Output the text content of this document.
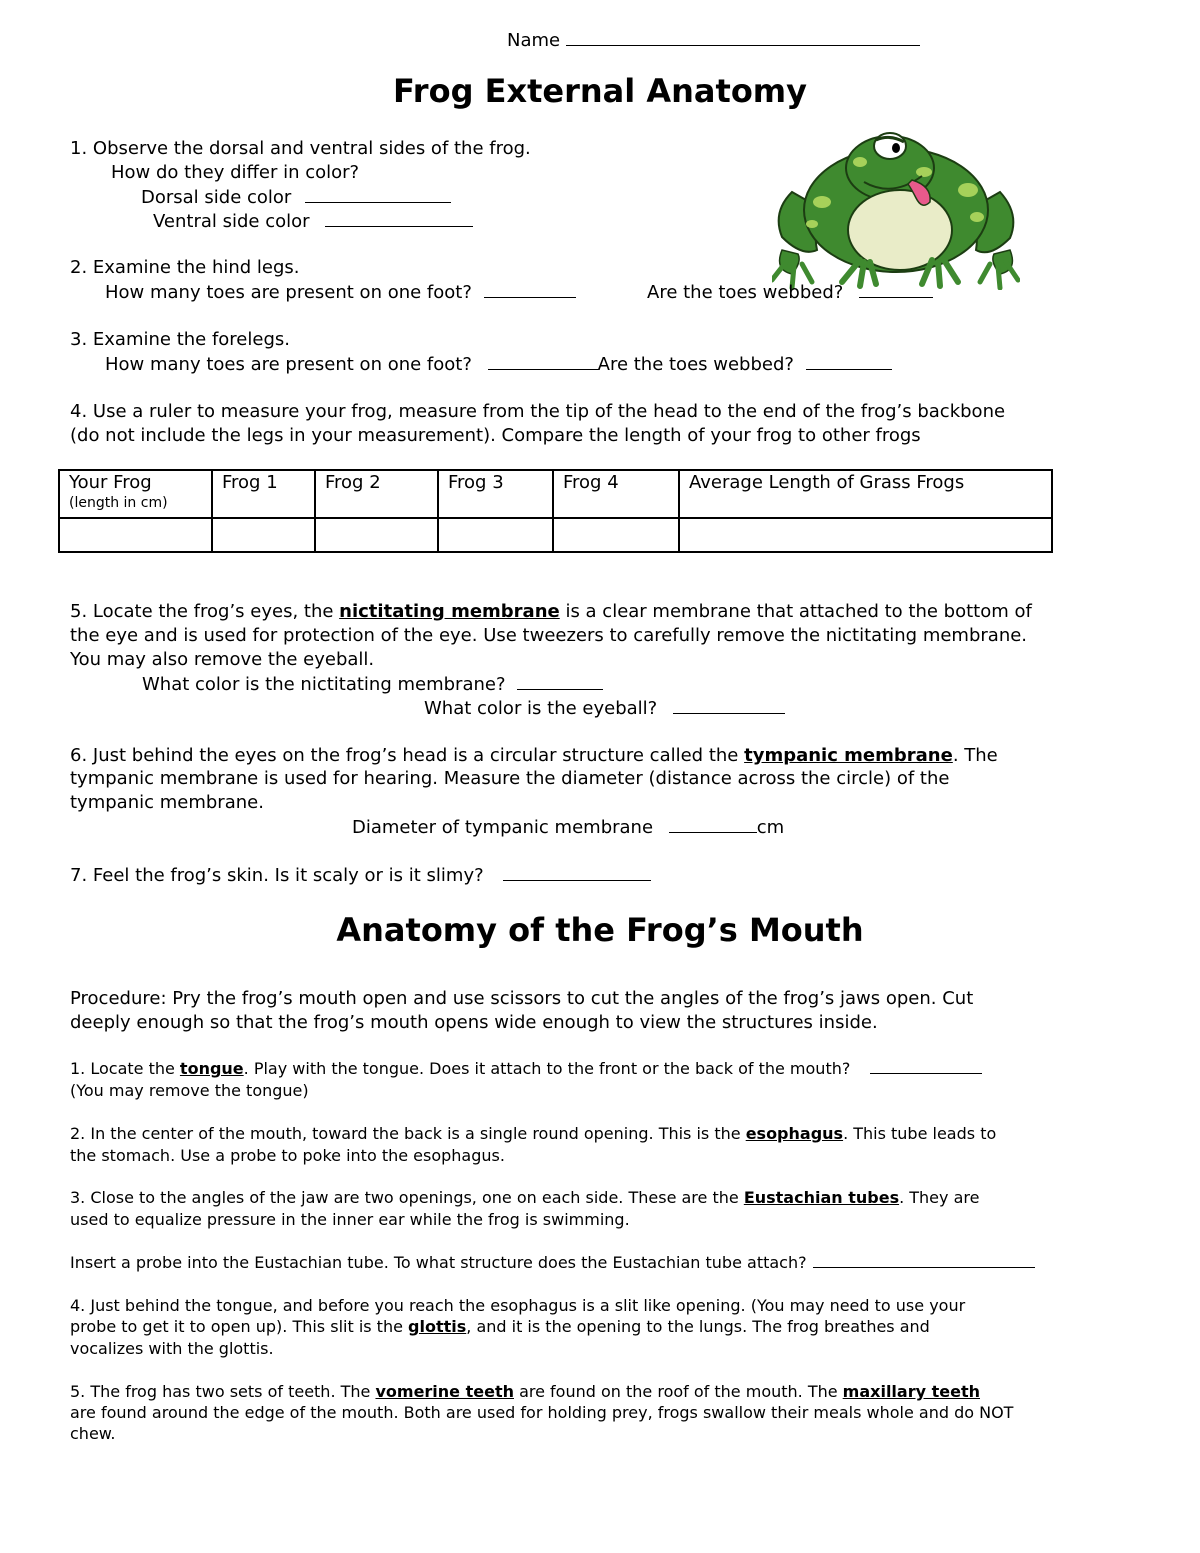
Name
Frog External Anatomy
1. Observe the dorsal and ventral sides of the frog.
How do they differ in color?
Dorsal side color
Ventral side color
2. Examine the hind legs.
How many toes are present on one foot?	Are the toes webbed?
3. Examine the forelegs.
How many toes are present on one foot?	Are the toes webbed?
4. Use a ruler to measure your frog, measure from the tip of the head to the end of the frog’s backbone
(do not include the legs in your measurement). Compare the length of your frog to other frogs
Your Frog
(length in cm)	Frog 1	Frog 2	Frog 3	Frog 4	Average Length of Grass Frogs

5. Locate the frog’s eyes, the nictitating membrane is a clear membrane that attached to the bottom of
the eye and is used for protection of the eye. Use tweezers to carefully remove the nictitating membrane.
You may also remove the eyeball.
What color is the nictitating membrane?
What color is the eyeball?
6. Just behind the eyes on the frog’s head is a circular structure called the tympanic membrane. The
tympanic membrane is used for hearing. Measure the diameter (distance across the circle) of the
tympanic membrane.
Diameter of tympanic membrane	cm
7. Feel the frog’s skin. Is it scaly or is it slimy?
Anatomy of the Frog’s Mouth
Procedure: Pry the frog’s mouth open and use scissors to cut the angles of the frog’s jaws open. Cut
deeply enough so that the frog’s mouth opens wide enough to view the structures inside.
1. Locate the tongue. Play with the tongue. Does it attach to the front or the back of the mouth?
(You may remove the tongue)
2. In the center of the mouth, toward the back is a single round opening. This is the esophagus. This tube leads to
the stomach. Use a probe to poke into the esophagus.
3. Close to the angles of the jaw are two openings, one on each side. These are the Eustachian tubes. They are
used to equalize pressure in the inner ear while the frog is swimming.
Insert a probe into the Eustachian tube. To what structure does the Eustachian tube attach?
4. Just behind the tongue, and before you reach the esophagus is a slit like opening. (You may need to use your
probe to get it to open up). This slit is the glottis, and it is the opening to the lungs. The frog breathes and
vocalizes with the glottis.
5. The frog has two sets of teeth. The vomerine teeth are found on the roof of the mouth. The maxillary teeth
are found around the edge of the mouth. Both are used for holding prey, frogs swallow their meals whole and do NOT
chew.
